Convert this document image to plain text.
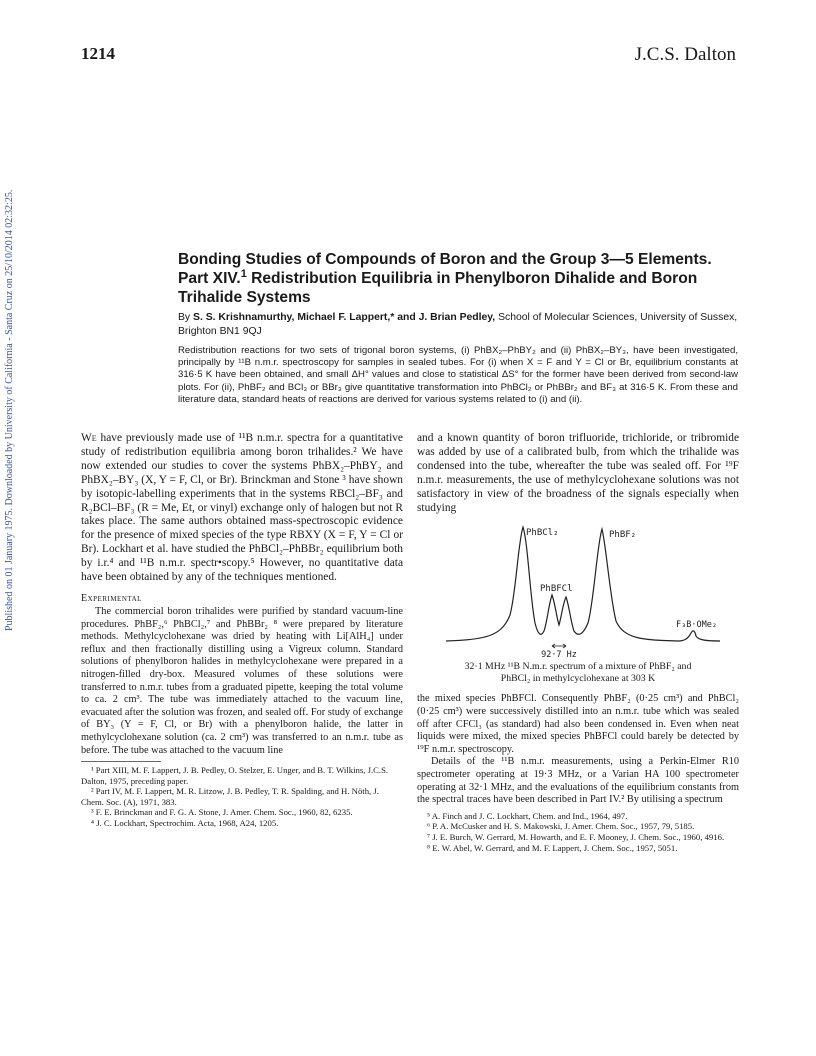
1214	J.C.S. Dalton
Published on 01 January 1975. Downloaded by University of California - Santa Cruz on 25/10/2014 02:32:25.	Bonding Studies of Compounds of Boron and the Group 3—5 Elements.
Part XIV.$^1$ Redistribution Equilibria in Phenylboron Dihalide and Boron
Trihalide Systems
By S. S. Krishnamurthy, Michael F. Lappert,* and J. Brian Pedley, School of Molecular Sciences, University of Sussex, Brighton BN1 9QJ
Redistribution reactions for two sets of trigonal boron systems, (i) PhBX₂–PhBY₂ and (ii) PhBX₂–BY₃, have been investigated, principally by ¹¹B n.m.r. spectroscopy for samples in sealed tubes. For (i) when X = F and Y = Cl or Br, equilibrium constants at 316·5 K have been obtained, and small ΔH° values and close to statistical ΔS° for the former have been derived from second-law plots. For (ii), PhBF₂ and BCl₃ or BBr₃ give quantitative transformation into PhBCl₂ or PhBBr₂ and BF₃ at 316·5 K. From these and literature data, standard heats of reactions are derived for various systems related to (i) and (ii).

We have previously made use of ¹¹B n.m.r. spectra for a quantitative study of redistribution equilibria among boron trihalides.² We have now extended our studies to cover the systems PhBX₂–PhBY₂ and PhBX₂–BY₃ (X, Y = F, Cl, or Br). Brinckman and Stone ³ have shown by isotopic-labelling experiments that in the systems RBCl₂–BF₃ and R₂BCl–BF₃ (R = Me, Et, or vinyl) exchange only of halogen but not R takes place. The same authors obtained mass-spectroscopic evidence for the presence of mixed species of the type RBXY (X = F, Y = Cl or Br). Lockhart et al. have studied the PhBCl₂–PhBBr₂ equilibrium both by i.r.⁴ and ¹¹B n.m.r. spectr•scopy.⁵ However, no quantitative data have been obtained by any of the techniques mentioned.

Experimental

The commercial boron trihalides were purified by standard vacuum-line procedures. PhBF₂,⁶ PhBCl₂,⁷ and PhBBr₂ ⁸ were prepared by literature methods. Methylcyclohexane was dried by heating with Li[AlH₄] under reflux and then fractionally distilling using a Vigreux column. Standard solutions of phenylboron halides in methylcyclohexane were prepared in a nitrogen-filled dry-box. Measured volumes of these solutions were transferred to n.m.r. tubes from a graduated pipette, keeping the total volume to ca. 2 cm³. The tube was immediately attached to the vacuum line, evacuated after the solution was frozen, and sealed off. For study of exchange of BY₃ (Y = F, Cl, or Br) with a phenylboron halide, the latter in methylcyclohexane solution (ca. 2 cm³) was transferred to an n.m.r. tube as before. The tube was attached to the vacuum line

¹ Part XIII, M. F. Lappert, J. B. Pedley, O. Stelzer, E. Unger, and B. T. Wilkins, J.C.S. Dalton, 1975, preceding paper.

² Part IV, M. F. Lappert, M. R. Litzow, J. B. Pedley, T. R. Spalding, and H. Nöth, J. Chem. Soc. (A), 1971, 383.

³ F. E. Brinckman and F. G. A. Stone, J. Amer. Chem. Soc., 1960, 82, 6235.

⁴ J. C. Lockhart, Spectrochim. Acta, 1968, A24, 1205.

and a known quantity of boron trifluoride, trichloride, or tribromide was added by use of a calibrated bulb, from which the trihalide was condensed into the tube, whereafter the tube was sealed off. For ¹⁹F n.m.r. measurements, the use of methylcyclohexane solutions was not satisfactory in view of the broadness of the signals especially when studying

PhBCl₂	PhBF₂
PhBFCl
F₃B·OMe₂
92·7 Hz
32·1 MHz ¹¹B N.m.r. spectrum of a mixture of PhBF₂ and
PhBCl₂ in methylcyclohexane at 303 K

the mixed species PhBFCl. Consequently PhBF₂ (0·25 cm³) and PhBCl₂ (0·25 cm³) were successively distilled into an n.m.r. tube which was sealed off after CFCl₃ (as standard) had also been condensed in. Even when neat liquids were mixed, the mixed species PhBFCl could barely be detected by ¹⁹F n.m.r. spectroscopy.

Details of the ¹¹B n.m.r. measurements, using a Perkin-Elmer R10 spectrometer operating at 19·3 MHz, or a Varian HA 100 spectrometer operating at 32·1 MHz, and the evaluations of the equilibrium constants from the spectral traces have been described in Part IV.² By utilising a spectrum

⁵ A. Finch and J. C. Lockhart, Chem. and Ind., 1964, 497.

⁶ P. A. McCusker and H. S. Makowski, J. Amer. Chem. Soc., 1957, 79, 5185.

⁷ J. E. Burch, W. Gerrard, M. Howarth, and E. F. Mooney, J. Chem. Soc., 1960, 4916.

⁸ E. W. Abel, W. Gerrard, and M. F. Lappert, J. Chem. Soc., 1957, 5051.
